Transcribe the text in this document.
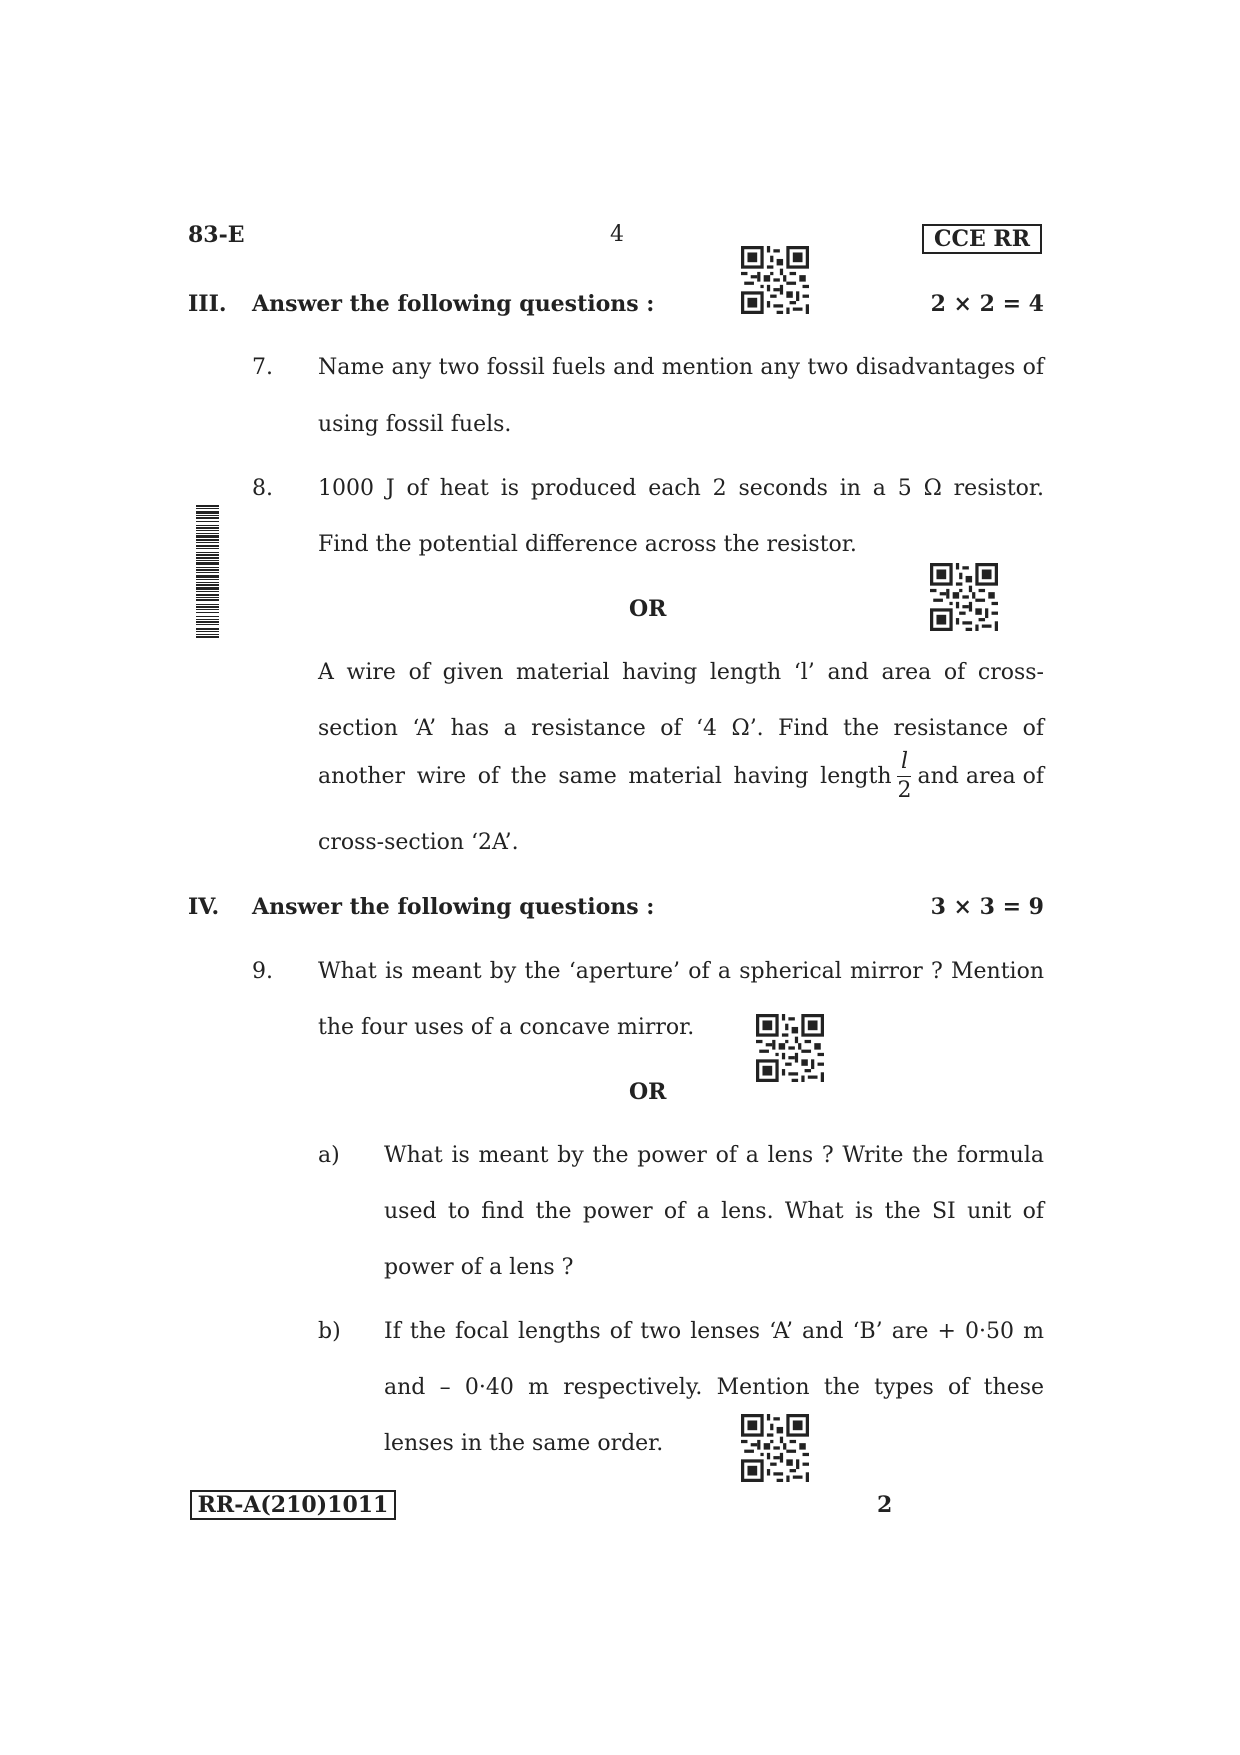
83-E	4	CCE RR
III. Answer the following questions :	2 × 2 = 4
7. Name any two fossil fuels and mention any two disadvantages of
using fossil fuels.
8. 1000 J of heat is produced each 2 seconds in a 5 Ω resistor.
Find the potential difference across the resistor.
OR
A wire of given material having length ‘l’ and area of cross-
section ‘A’ has a resistance of ‘4 Ω’. Find the resistance of
another wire of the same material having length $\frac{l}{2}$ and area of
cross-section ‘2A’.
IV. Answer the following questions :	3 × 3 = 9
9. What is meant by the ‘aperture’ of a spherical mirror ? Mention
the four uses of a concave mirror.
OR
a) What is meant by the power of a lens ? Write the formula
used to find the power of a lens. What is the SI unit of
power of a lens ?
b) If the focal lengths of two lenses ‘A’ and ‘B’ are + 0·50 m
and – 0·40 m respectively. Mention the types of these
lenses in the same order.
RR-A(210)1011	2
